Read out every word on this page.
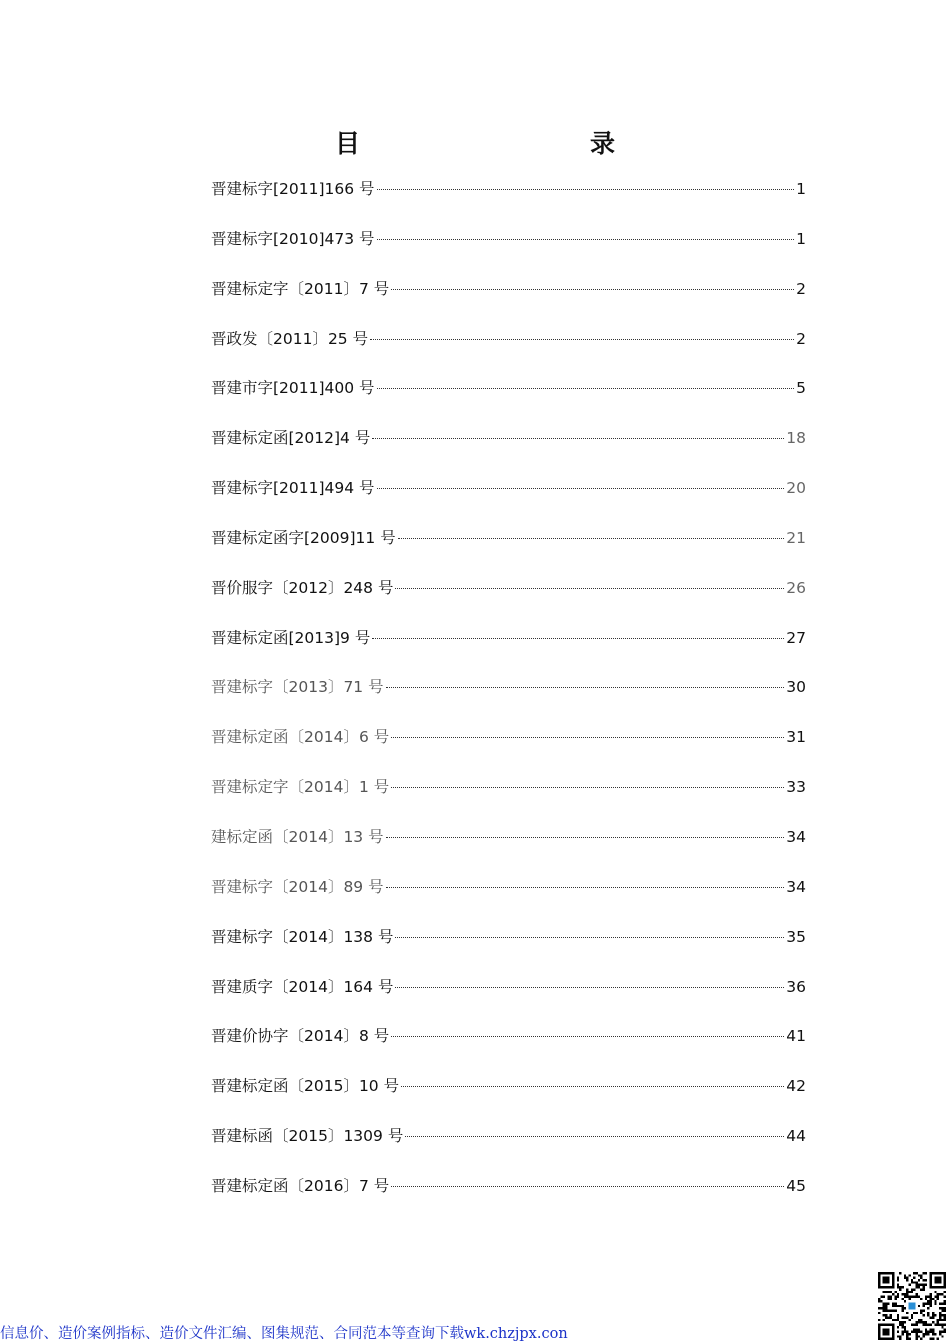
目　　录
晋建标字[2011]166 号	1
晋建标字[2010]473 号	1
晋建标定字〔2011〕7 号	2
晋政发〔2011〕25 号	2
晋建市字[2011]400 号	5
晋建标定函[2012]4 号	18
晋建标字[2011]494 号	20
晋建标定函字[2009]11 号	21
晋价服字〔2012〕248 号	26
晋建标定函[2013]9 号	27
晋建标字〔2013〕71 号	30
晋建标定函〔2014〕6 号	31
晋建标定字〔2014〕1 号	33
建标定函〔2014〕13 号	34
晋建标字〔2014〕89 号	34
晋建标字〔2014〕138 号	35
晋建质字〔2014〕164 号	36
晋建价协字〔2014〕8 号	41
晋建标定函〔2015〕10 号	42
晋建标函〔2015〕1309 号	44
晋建标定函〔2016〕7 号	45
信息价、造价案例指标、造价文件汇编、图集规范、合同范本等查询下载wk.chzjpx.con
